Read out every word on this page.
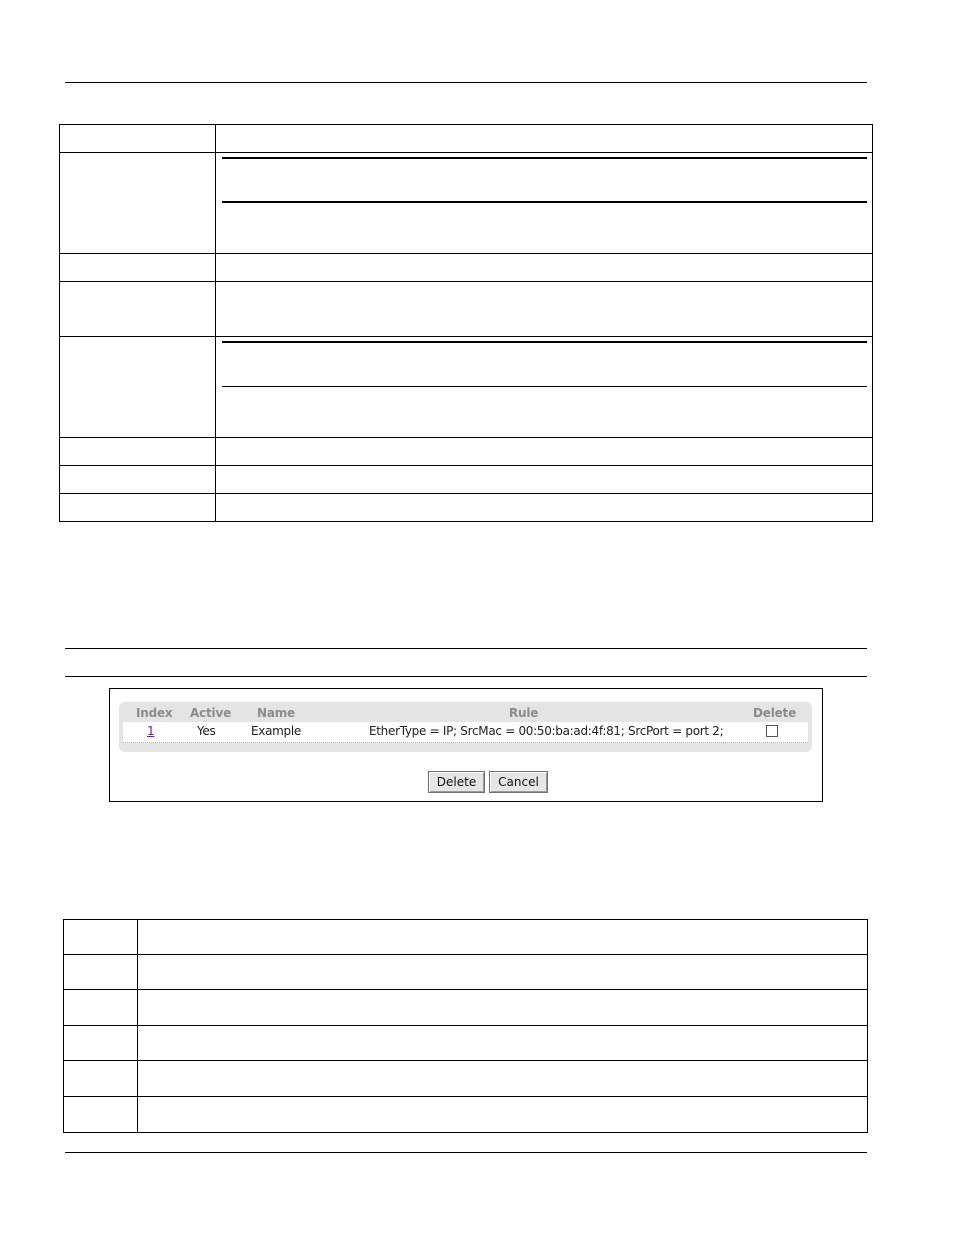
Index Active Name	Rule	Delete
1	Yes	Example	EtherType = IP; SrcMac = 00:50:ba:ad:4f:81; SrcPort = port 2;
Delete	Cancel
